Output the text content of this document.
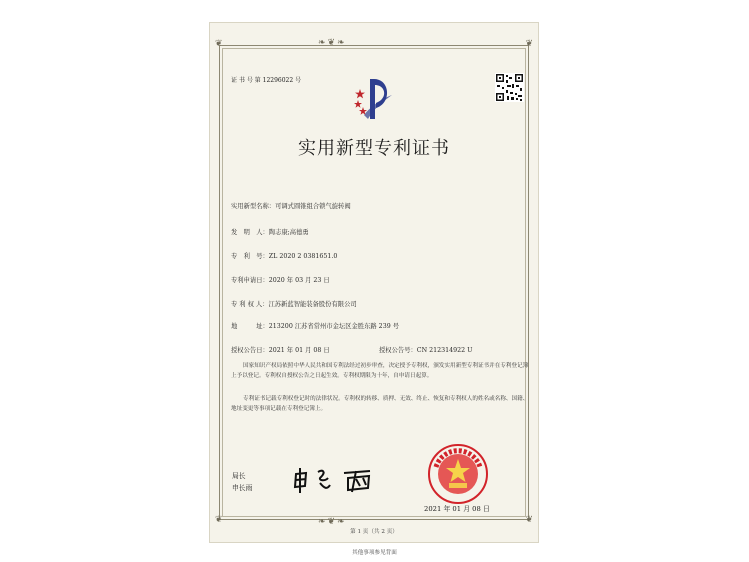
❦	❦
❦	❦
❧❦❧
❧❦❧
证 书 号 第 12296022 号
实用新型专利证书
实用新型名称：可调式圆锥组合锁气旋转阀
发　明　人：陶志康;高德勇
专　利　号：ZL 2020 2 0381651.0
专利申请日：2020 年 03 月 23 日
专 利 权 人：江苏新蓝智能装备股份有限公司
地　　　址：213200 江苏省常州市金坛区金胜东路 239 号
授权公告日：2021 年 01 月 08 日	授权公告号：CN 212314922 U
国家知识产权局依照中华人民共和国专利法经过初步审查，决定授予专利权，颁发实用新型专利证书并在专利登记簿上予以登记。专利权自授权公告之日起生效。专利权期限为十年，自申请日起算。
专利证书记载专利权登记时的法律状况。专利权的转移、质押、无效、终止、恢复和专利权人的姓名或名称、国籍、地址变更等事项记载在专利登记簿上。
局长
申长雨
2021 年 01 月 08 日
第 1 页（共 2 页）
其他事项参见背面
